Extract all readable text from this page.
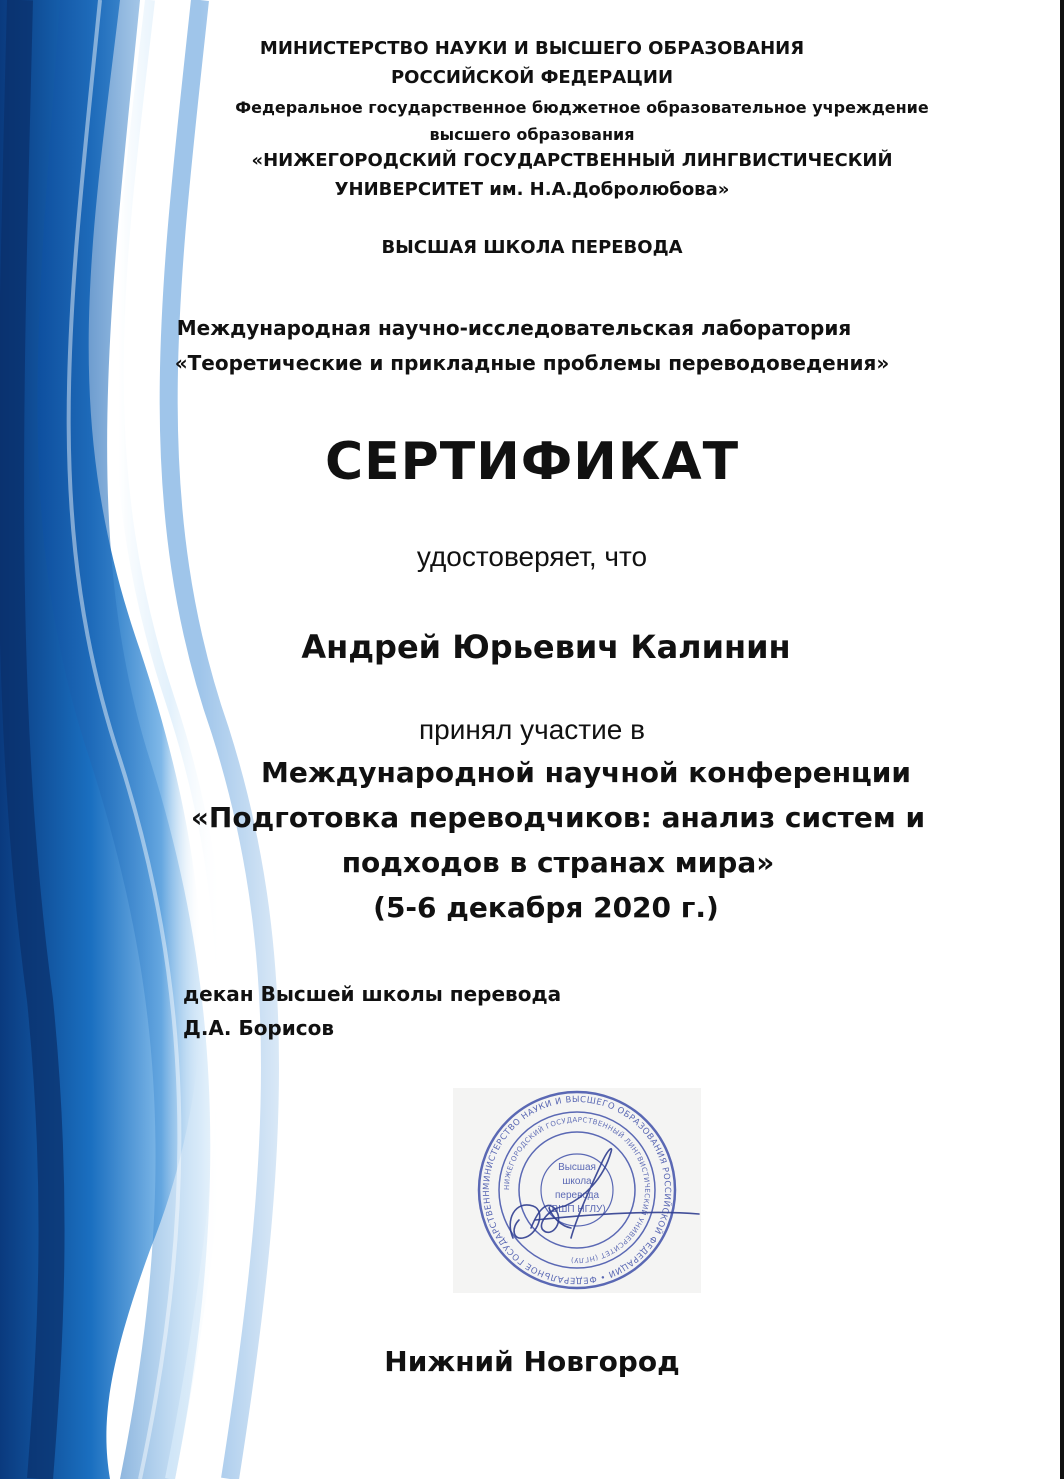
МИНИСТЕРСТВО НАУКИ И ВЫСШЕГО ОБРАЗОВАНИЯ
РОССИЙСКОЙ ФЕДЕРАЦИИ
Федеральное государственное бюджетное образовательное учреждение
высшего образования
«НИЖЕГОРОДСКИЙ ГОСУДАРСТВЕННЫЙ ЛИНГВИСТИЧЕСКИЙ
УНИВЕРСИТЕТ им. Н.А.Добролюбова»
ВЫСШАЯ ШКОЛА ПЕРЕВОДА
Международная научно-исследовательская лаборатория
«Теоретические и прикладные проблемы переводоведения»
СЕРТИФИКАТ
удостоверяет, что
Андрей Юрьевич Калинин
принял участие в
Международной научной конференции
«Подготовка переводчиков: анализ систем и
подходов в странах мира»
(5-6 декабря 2020 г.)
декан Высшей школы перевода
Д.А. Борисов
МИНИСТЕРСТВО НАУКИ И ВЫСШЕГО ОБРАЗОВАНИЯ РОССИЙСКОЙ ФЕДЕРАЦИИ • ФЕДЕРАЛЬНОЕ ГОСУДАРСТВЕНН
НИЖЕГОРОДСКИЙ ГОСУДАРСТВЕННЫЙ ЛИНГВИСТИЧЕСКИЙ УНИВЕРСИТЕТ (НГЛУ)
Высшая
школа
перевода
(ВШП НГЛУ)
Нижний Новгород
